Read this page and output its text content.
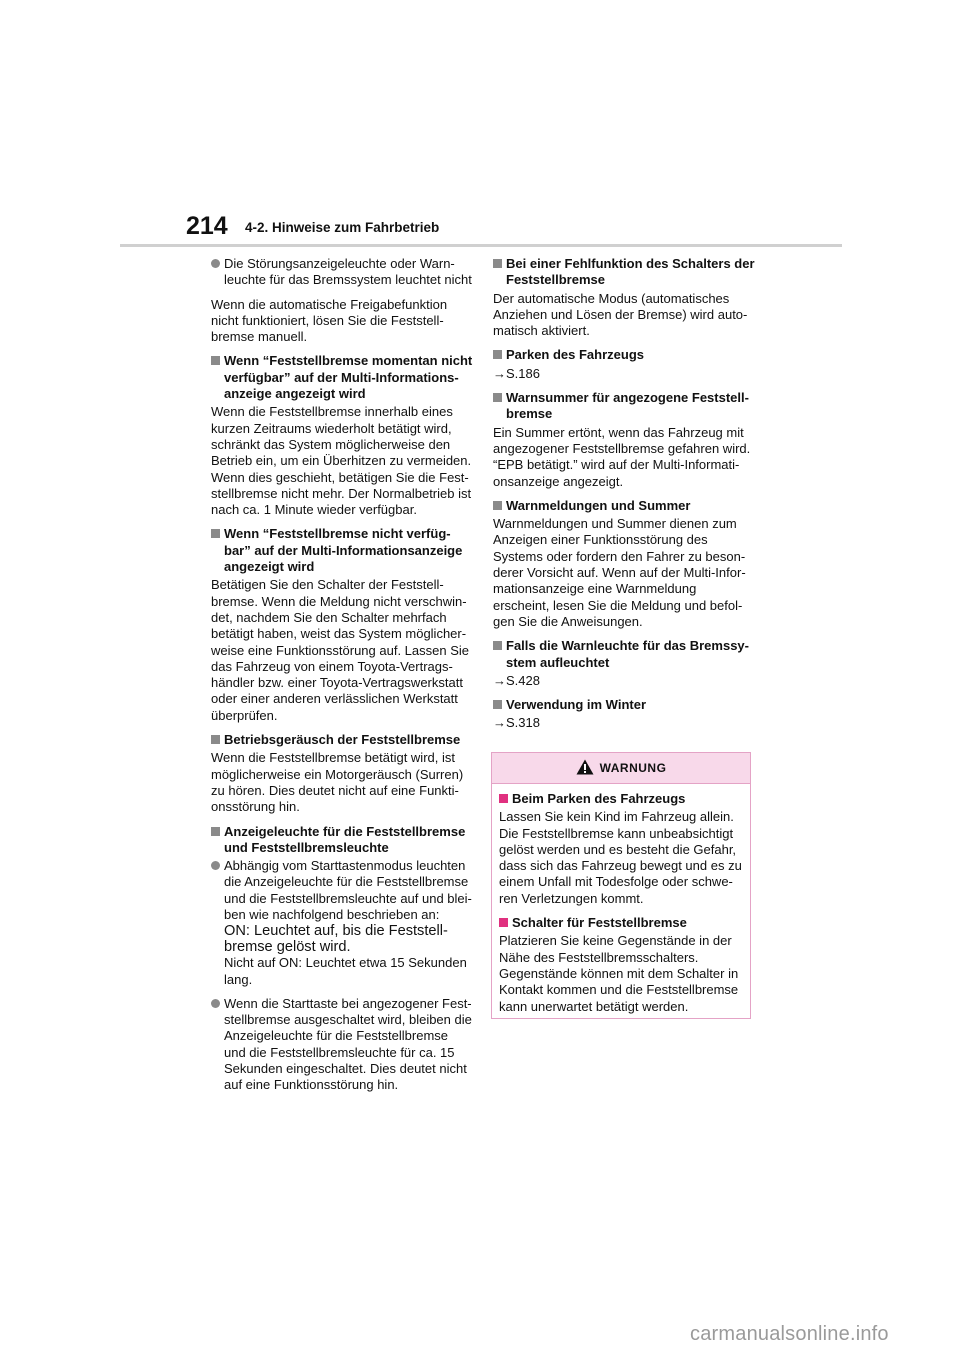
214 4-2. Hinweise zum Fahrbetrieb
Die Störungsanzeigeleuchte oder Warn-leuchte für das Bremssystem leuchtet nicht
Wenn die automatische Freigabefunktion nicht funktioniert, lösen Sie die Feststell-bremse manuell.
Wenn “Feststellbremse momentan nicht verfügbar” auf der Multi-Informations-anzeige angezeigt wird
Wenn die Feststellbremse innerhalb eines kurzen Zeitraums wiederholt betätigt wird, schränkt das System möglicherweise den Betrieb ein, um ein Überhitzen zu vermeiden. Wenn dies geschieht, betätigen Sie die Fest-stellbremse nicht mehr. Der Normalbetrieb ist nach ca. 1 Minute wieder verfügbar.
Wenn “Feststellbremse nicht verfüg-bar” auf der Multi-Informationsanzeige angezeigt wird
Betätigen Sie den Schalter der Feststell-bremse. Wenn die Meldung nicht verschwin-det, nachdem Sie den Schalter mehrfach betätigt haben, weist das System möglicher-weise eine Funktionsstörung auf. Lassen Sie das Fahrzeug von einem Toyota-Vertrags-händler bzw. einer Toyota-Vertragswerkstatt oder einer anderen verlässlichen Werkstatt überprüfen.
Betriebsgeräusch der Feststellbremse
Wenn die Feststellbremse betätigt wird, ist möglicherweise ein Motorgeräusch (Surren) zu hören. Dies deutet nicht auf eine Funkti-onsstörung hin.
Anzeigeleuchte für die Feststellbremse und Feststellbremsleuchte
Abhängig vom Starttastenmodus leuchten die Anzeigeleuchte für die Feststellbremse und die Feststellbremsleuchte auf und blei-ben wie nachfolgend beschrieben an:
ON: Leuchtet auf, bis die Feststell-bremse gelöst wird.
Nicht auf ON: Leuchtet etwa 15 Sekunden lang.
Wenn die Starttaste bei angezogener Fest-stellbremse ausgeschaltet wird, bleiben die Anzeigeleuchte für die Feststellbremse und die Feststellbremsleuchte für ca. 15 Sekunden eingeschaltet. Dies deutet nicht auf eine Funktionsstörung hin.
Bei einer Fehlfunktion des Schalters der Feststellbremse
Der automatische Modus (automatisches Anziehen und Lösen der Bremse) wird auto-matisch aktiviert.
Parken des Fahrzeugs
→S.186
Warnsummer für angezogene Feststell-bremse
Ein Summer ertönt, wenn das Fahrzeug mit angezogener Feststellbremse gefahren wird. “EPB betätigt.” wird auf der Multi-Informati-onsanzeige angezeigt.
Warnmeldungen und Summer
Warnmeldungen und Summer dienen zum Anzeigen einer Funktionsstörung des Systems oder fordern den Fahrer zu beson-derer Vorsicht auf. Wenn auf der Multi-Infor-mationsanzeige eine Warnmeldung erscheint, lesen Sie die Meldung und befol-gen Sie die Anweisungen.
Falls die Warnleuchte für das Bremssy-stem aufleuchtet
→S.428
Verwendung im Winter
→S.318
WARNUNG
Beim Parken des Fahrzeugs
Lassen Sie kein Kind im Fahrzeug allein. Die Feststellbremse kann unbeabsichtigt gelöst werden und es besteht die Gefahr, dass sich das Fahrzeug bewegt und es zu einem Unfall mit Todesfolge oder schwe-ren Verletzungen kommt.
Schalter für Feststellbremse
Platzieren Sie keine Gegenstände in der Nähe des Feststellbremsschalters. Gegenstände können mit dem Schalter in Kontakt kommen und die Feststellbremse kann unerwartet betätigt werden.
carmanualsonline.info
